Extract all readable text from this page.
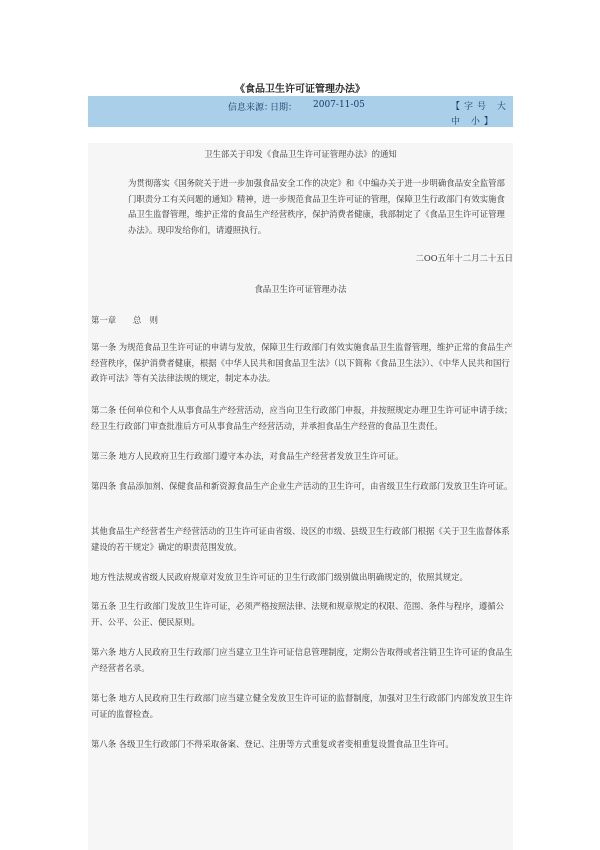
《食品卫生许可证管理办法》
信息来源：
日期： 2007-11-05	【字号 大 中 小】
卫生部关于印发《食品卫生许可证管理办法》的通知
为贯彻落实《国务院关于进一步加强食品安全工作的决定》和《中编办关于进一步明确食品安全监管部门职责分工有关问题的通知》精神，进一步规范食品卫生许可证的管理，保障卫生行政部门有效实施食品卫生监督管理，维护正常的食品生产经营秩序，保护消费者健康，我部制定了《食品卫生许可证管理办法》。现印发给你们，请遵照执行。
二OO五年十二月二十五日
食品卫生许可证管理办法
第一章　　总　则
第一条 为规范食品卫生许可证的申请与发放，保障卫生行政部门有效实施食品卫生监督管理，维护正常的食品生产经营秩序，保护消费者健康，根据《中华人民共和国食品卫生法》（以下简称《食品卫生法》）、《中华人民共和国行政许可法》等有关法律法规的规定，制定本办法。
第二条 任何单位和个人从事食品生产经营活动，应当向卫生行政部门申报，并按照规定办理卫生许可证申请手续；经卫生行政部门审查批准后方可从事食品生产经营活动，并承担食品生产经营的食品卫生责任。
第三条 地方人民政府卫生行政部门遵守本办法，对食品生产经营者发放卫生许可证。
第四条 食品添加剂、保健食品和新资源食品生产企业生产活动的卫生许可，由省级卫生行政部门发放卫生许可证。
其他食品生产经营者生产经营活动的卫生许可证由省级、设区的市级、县级卫生行政部门根据《关于卫生监督体系建设的若干规定》确定的职责范围发放。
地方性法规或省级人民政府规章对发放卫生许可证的卫生行政部门级别做出明确规定的，依照其规定。
第五条 卫生行政部门发放卫生许可证，必须严格按照法律、法规和规章规定的权限、范围、条件与程序，遵循公开、公平、公正、便民原则。
第六条 地方人民政府卫生行政部门应当建立卫生许可证信息管理制度，定期公告取得或者注销卫生许可证的食品生产经营者名录。
第七条 地方人民政府卫生行政部门应当建立健全发放卫生许可证的监督制度，加强对卫生行政部门内部发放卫生许可证的监督检查。
第八条 各级卫生行政部门不得采取备案、登记、注册等方式重复或者变相重复设置食品卫生许可。
